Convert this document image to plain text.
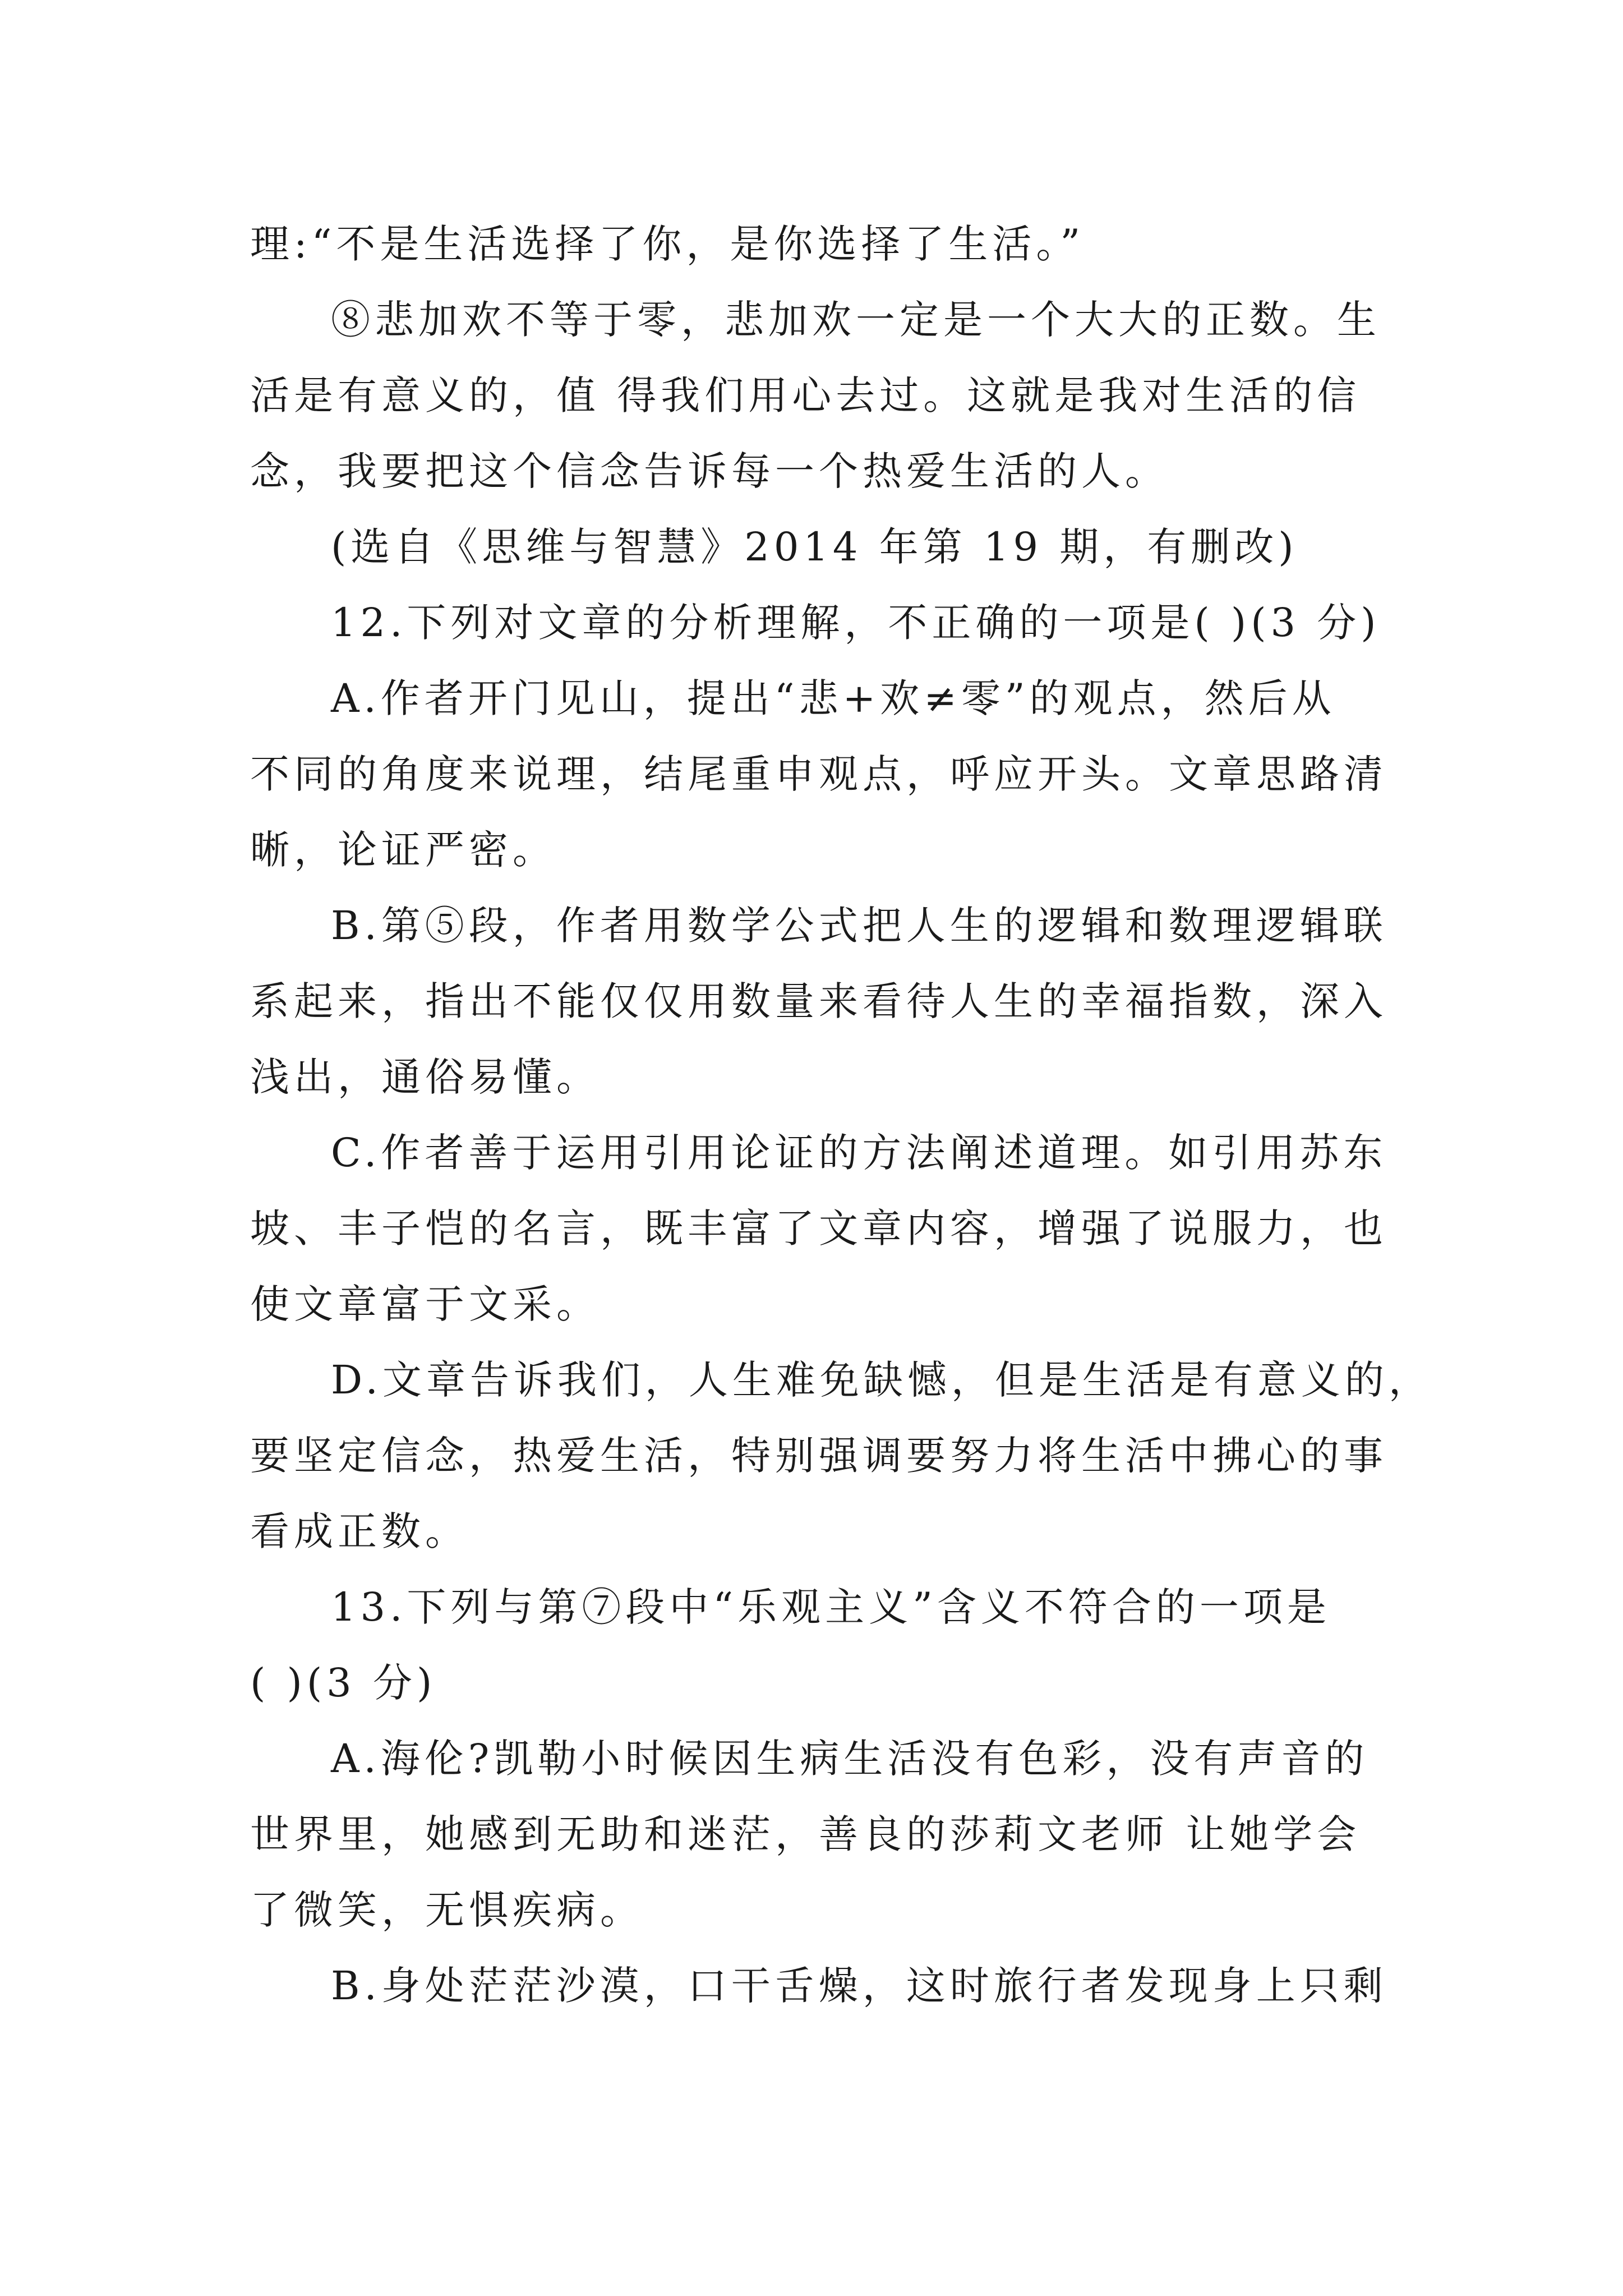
理:“不是生活选择了你，是你选择了生活。”
⑧悲加欢不等于零，悲加欢一定是一个大大的正数。生
活是有意义的，值 得我们用心去过。这就是我对生活的信
念，我要把这个信念告诉每一个热爱生活的人。
(选自《思维与智慧》2014 年第 19 期，有删改)
12.下列对文章的分析理解，不正确的一项是( )(3 分)
A.作者开门见山，提出“悲+欢≠零”的观点，然后从
不同的角度来说理，结尾重申观点，呼应开头。文章思路清
晰，论证严密。
B.第⑤段，作者用数学公式把人生的逻辑和数理逻辑联
系起来，指出不能仅仅用数量来看待人生的幸福指数，深入
浅出，通俗易懂。
C.作者善于运用引用论证的方法阐述道理。如引用苏东
坡、丰子恺的名言，既丰富了文章内容，增强了说服力，也
使文章富于文采。
D.文章告诉我们，人生难免缺憾，但是生活是有意义的，
要坚定信念，热爱生活，特别强调要努力将生活中拂心的事
看成正数。
13.下列与第⑦段中“乐观主义”含义不符合的一项是
( )(3 分)
A.海伦?凯勒小时候因生病生活没有色彩，没有声音的
世界里，她感到无助和迷茫，善良的莎莉文老师 让她学会
了微笑，无惧疾病。
B.身处茫茫沙漠，口干舌燥，这时旅行者发现身上只剩
